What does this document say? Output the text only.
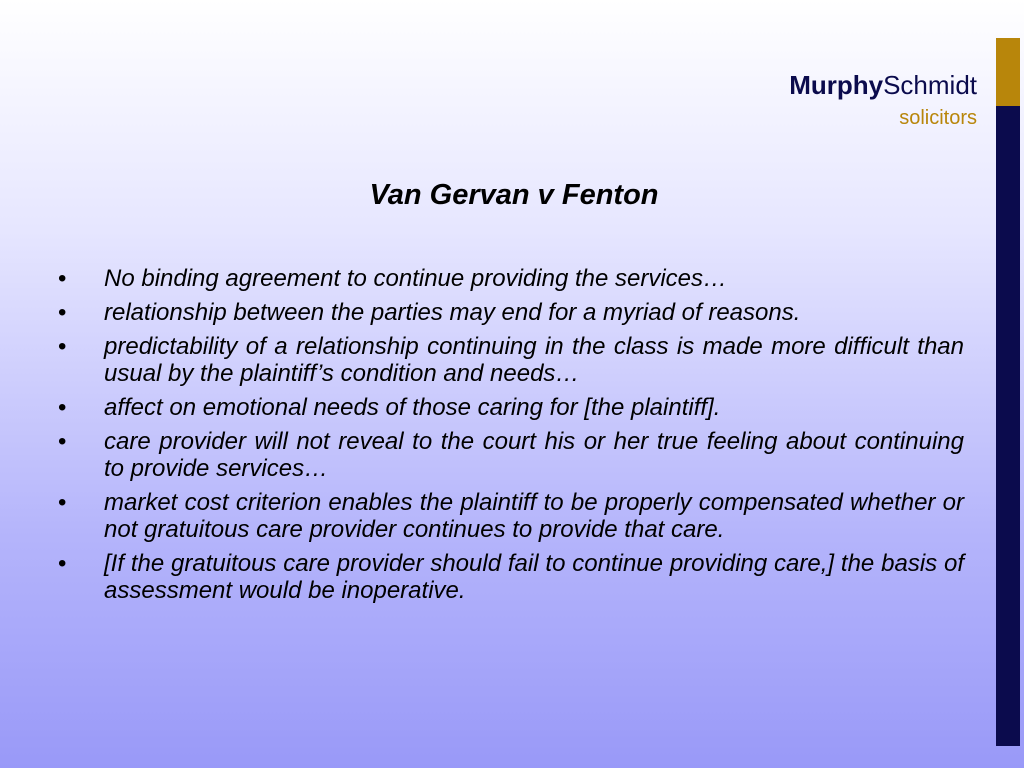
MurphySchmidt
solicitors
Van Gervan v Fenton
•	No binding agreement to continue providing the services…
•	relationship between the parties may end for a myriad of reasons.
•	predictability of a relationship continuing in the class is made more difficult than usual by the plaintiff’s condition and needs…
•	affect on emotional needs of those caring for [the plaintiff].
•	care provider will not reveal to the court his or her true feeling about continuing to provide services…
•	market cost criterion enables the plaintiff to be properly compensated whether or not gratuitous care provider continues to provide that care.
•	[If the gratuitous care provider should fail to continue providing care,] the basis of assessment would be inoperative.
